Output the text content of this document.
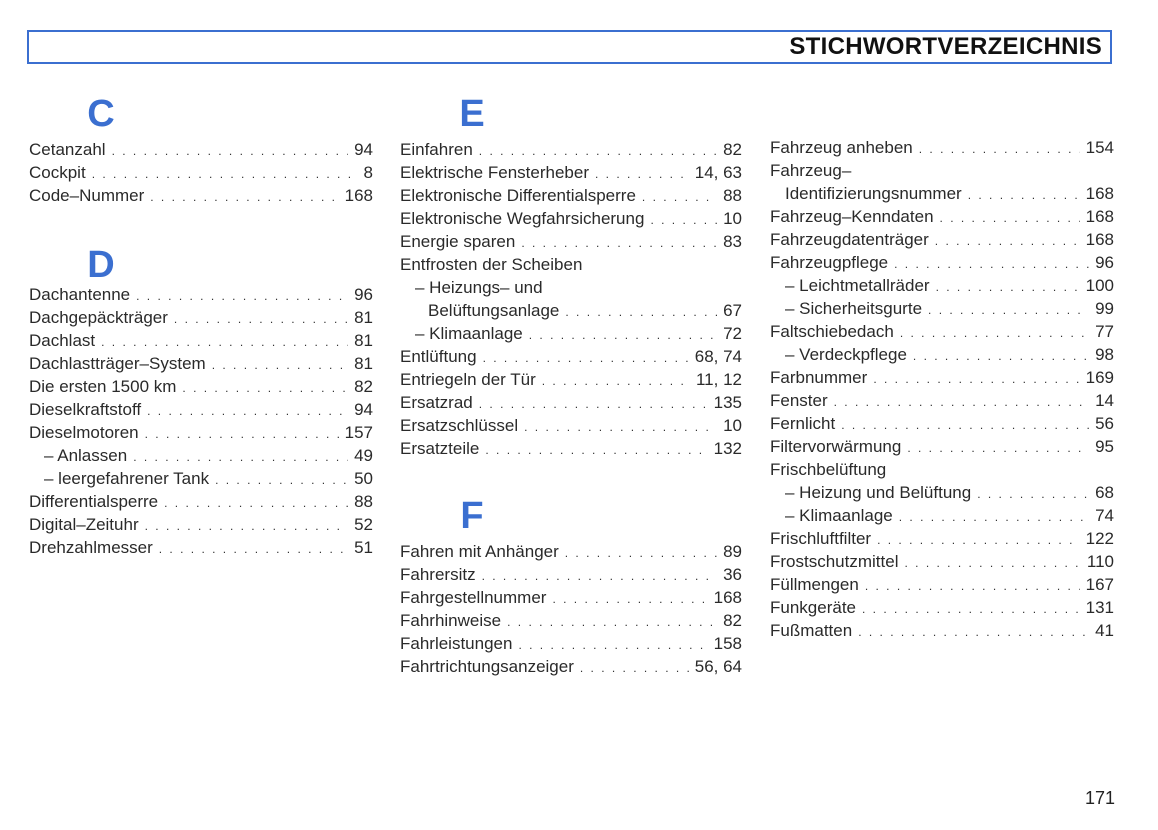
STICHWORTVERZEICHNIS
C
Cetanzahl . . .	94
Cockpit . . .	8
Code–Nummer . . .	168
D
Dachantenne . . .	96
Dachgepäckträger . . .	81
Dachlast . . .	81
Dachlastträger–System . . .	81
Die ersten 1500 km . . .	82
Dieselkraftstoff . . .	94
Dieselmotoren . . .	157
– Anlassen . . .	49
– leergefahrener Tank . . .	50
Differentialsperre . . .	88
Digital–Zeituhr . . .	52
Drehzahlmesser . . .	51
E
Einfahren . . .	82
Elektrische Fensterheber . . .	14, 63
Elektronische Differentialsperre . . .	88
Elektronische Wegfahrsicherung . . .	10
Energie sparen . . .	83
Entfrosten der Scheiben
– Heizungs– und
Belüftungsanlage . . .	67
– Klimaanlage . . .	72
Entlüftung . . .	68, 74
Entriegeln der Tür . . .	11, 12
Ersatzrad . . .	135
Ersatzschlüssel . . .	10
Ersatzteile . . .	132
F
Fahren mit Anhänger . . .	89
Fahrersitz . . .	36
Fahrgestellnummer . . .	168
Fahrhinweise . . .	82
Fahrleistungen . . .	158
Fahrtrichtungsanzeiger . . .	56, 64
Fahrzeug anheben . . .	154
Fahrzeug–
Identifizierungsnummer . . .	168
Fahrzeug–Kenndaten . . .	168
Fahrzeugdatenträger . . .	168
Fahrzeugpflege . . .	96
– Leichtmetallräder . . .	100
– Sicherheitsgurte . . .	99
Faltschiebedach . . .	77
– Verdeckpflege . . .	98
Farbnummer . . .	169
Fenster . . .	14
Fernlicht . . .	56
Filtervorwärmung . . .	95
Frischbelüftung
– Heizung und Belüftung . . .	68
– Klimaanlage . . .	74
Frischluftfilter . . .	122
Frostschutzmittel . . .	110
Füllmengen . . .	167
Funkgeräte . . .	131
Fußmatten . . .	41
171
